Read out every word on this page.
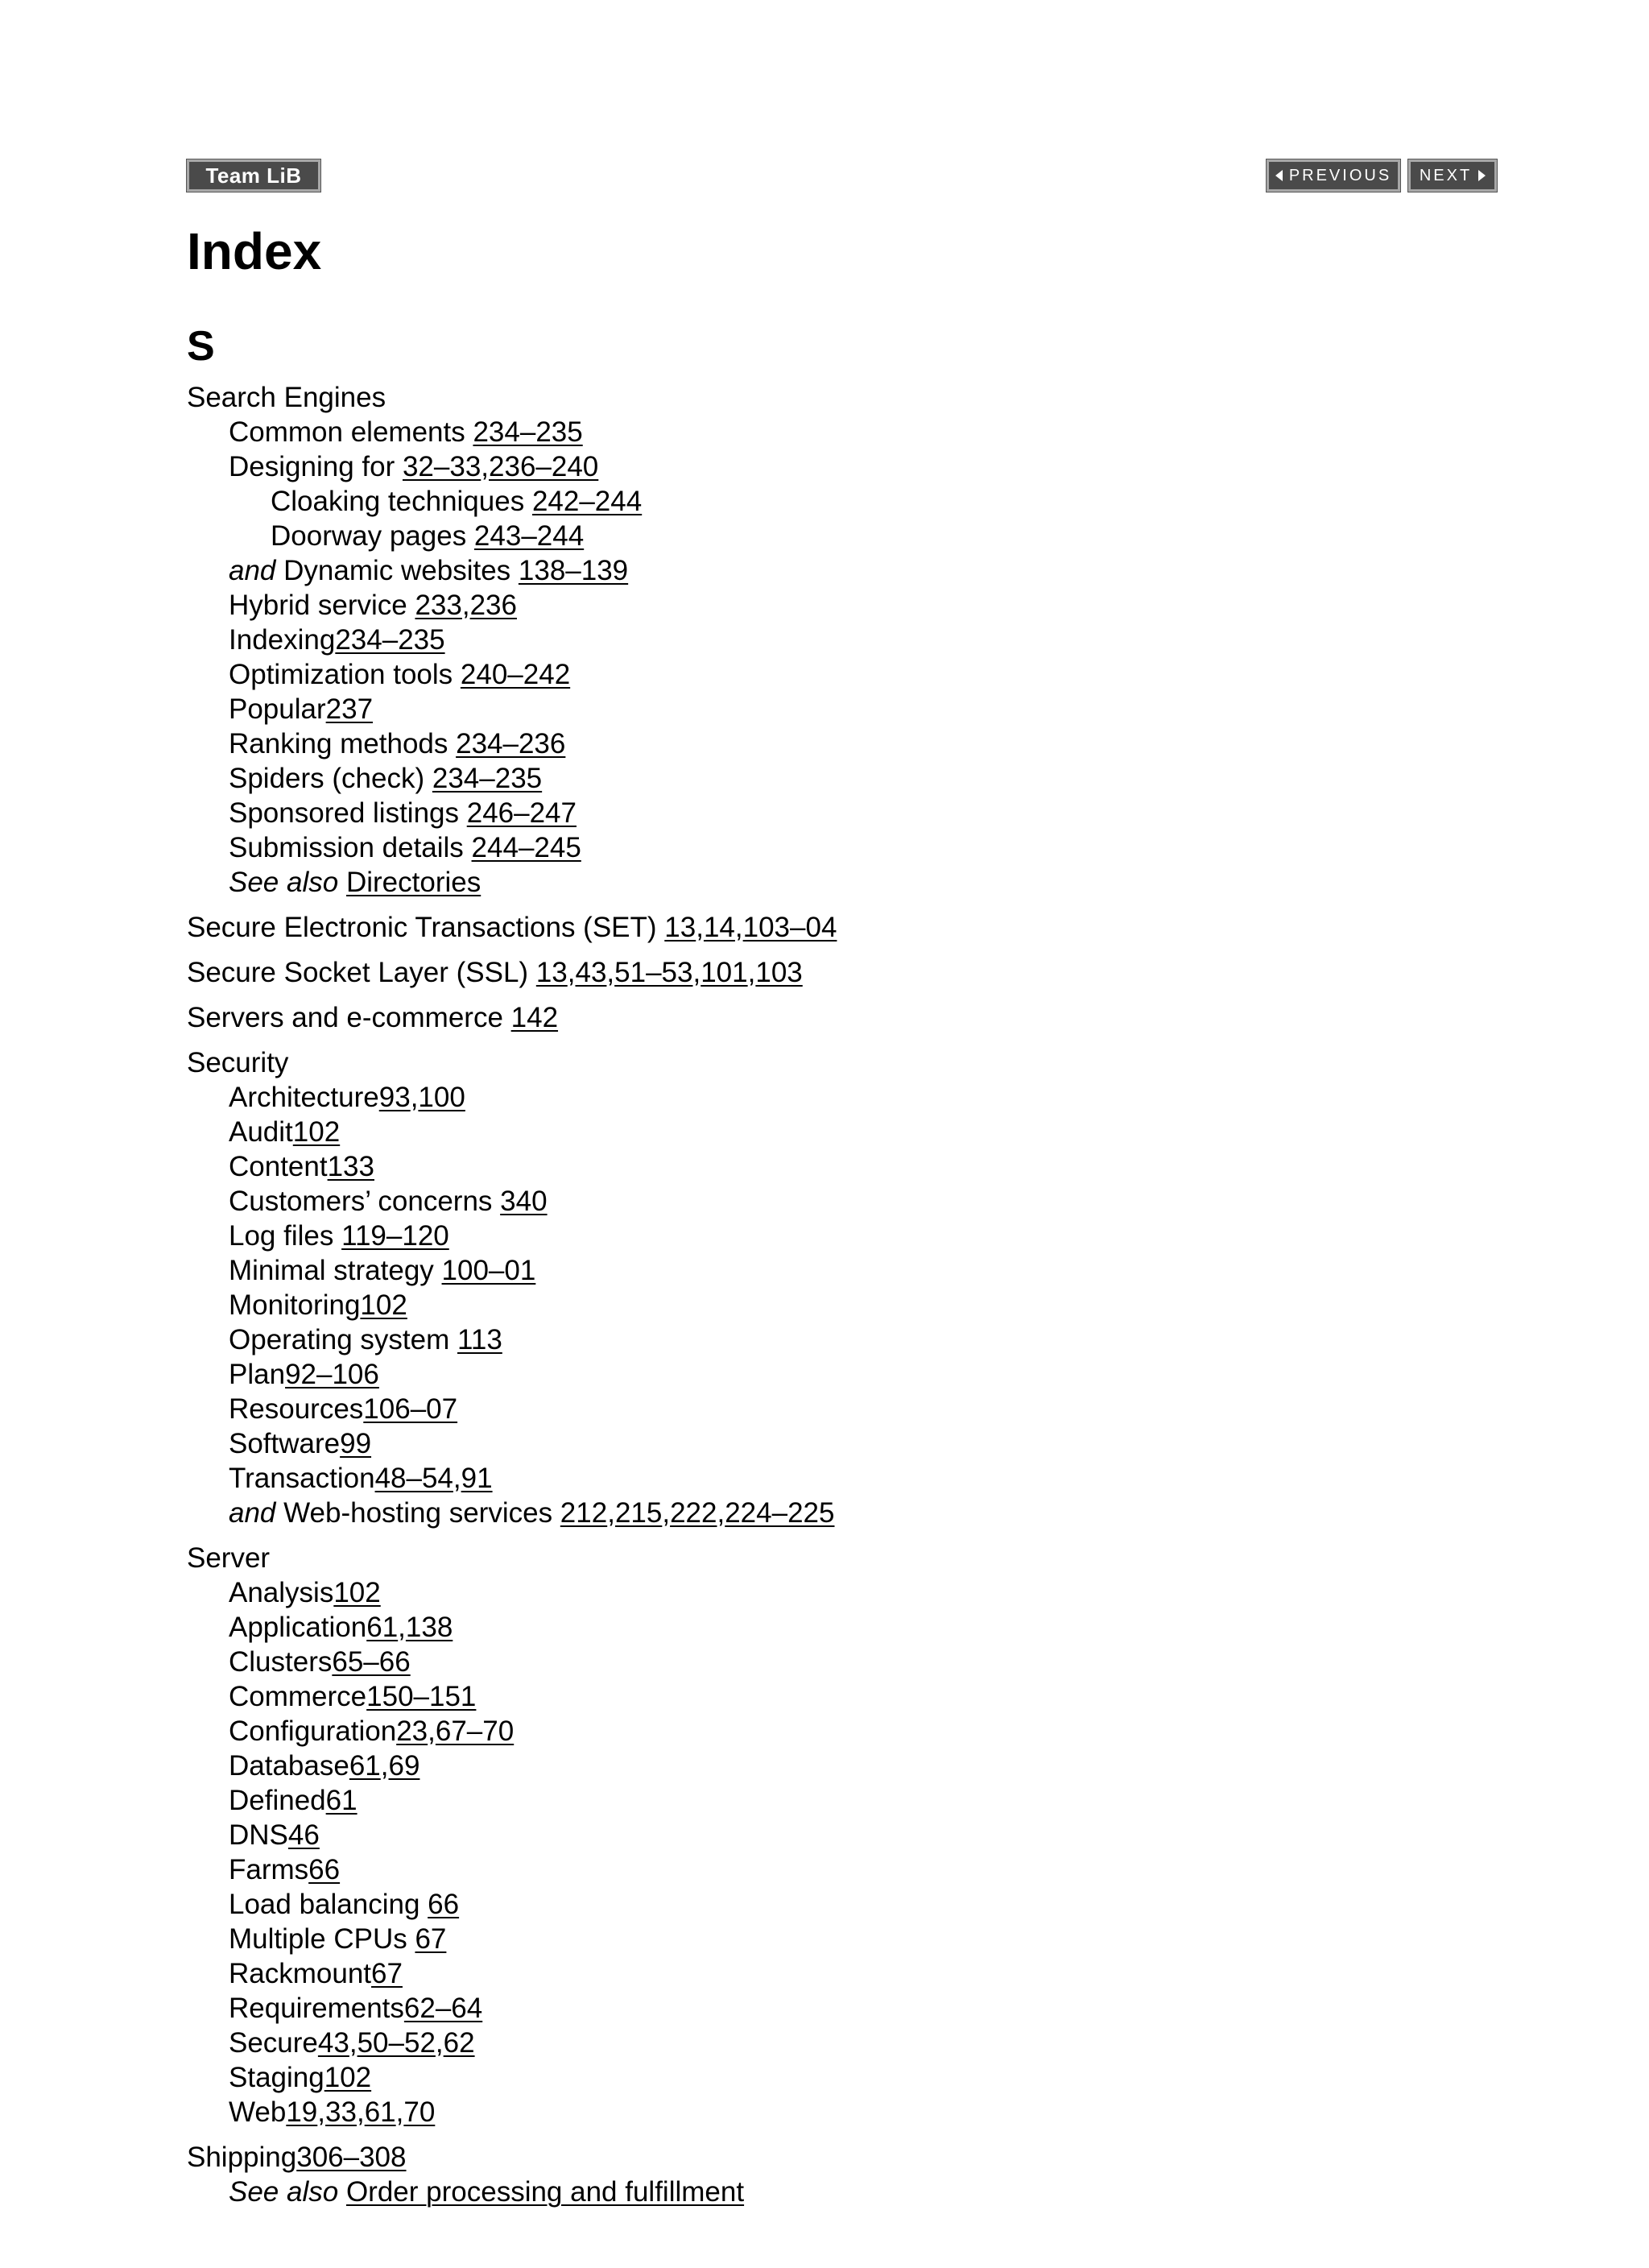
Team LiB	PREVIOUS NEXT
Index
S
Search Engines
Common elements 234–235
Designing for 32–33,236–240
Cloaking techniques 242–244
Doorway pages 243–244
and Dynamic websites 138–139
Hybrid service 233,236
Indexing234–235
Optimization tools 240–242
Popular237
Ranking methods 234–236
Spiders (check) 234–235
Sponsored listings 246–247
Submission details 244–245
See also Directories
Secure Electronic Transactions (SET) 13,14,103–04
Secure Socket Layer (SSL) 13,43,51–53,101,103
Servers and e-commerce 142
Security
Architecture93,100
Audit102
Content133
Customers’ concerns 340
Log files 119–120
Minimal strategy 100–01
Monitoring102
Operating system 113
Plan92–106
Resources106–07
Software99
Transaction48–54,91
and Web-hosting services 212,215,222,224–225
Server
Analysis102
Application61,138
Clusters65–66
Commerce150–151
Configuration23,67–70
Database61,69
Defined61
DNS46
Farms66
Load balancing 66
Multiple CPUs 67
Rackmount67
Requirements62–64
Secure43,50–52,62
Staging102
Web19,33,61,70
Shipping306–308
See also Order processing and fulfillment
